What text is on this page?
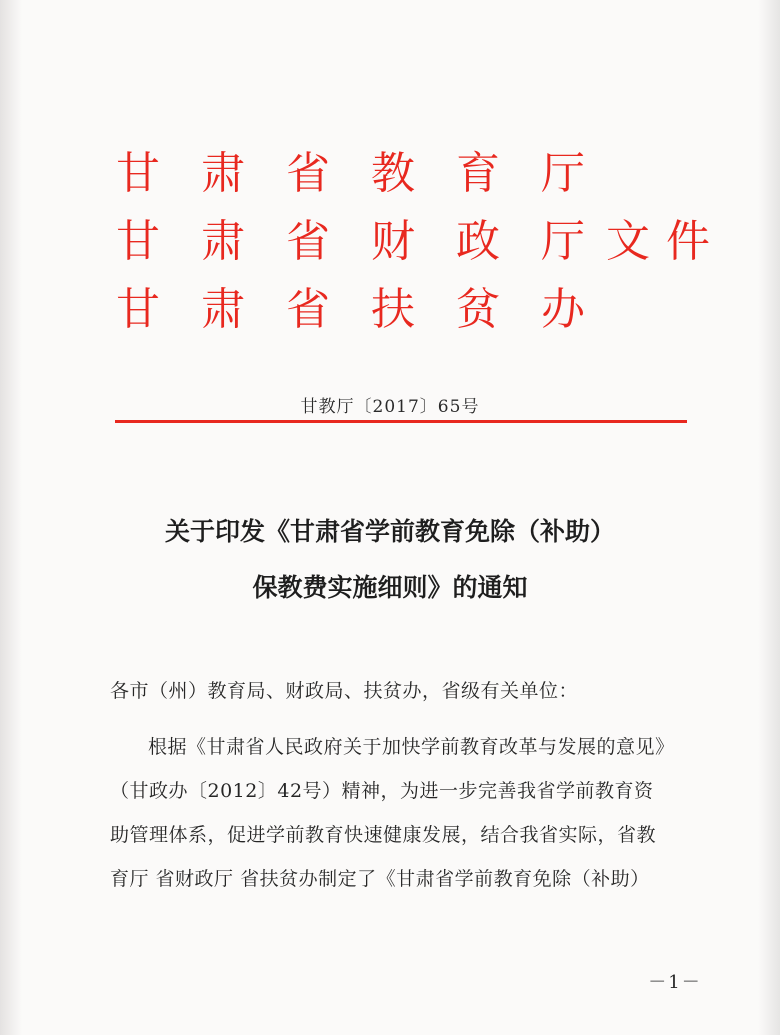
甘 肃 省 教 育 厅
甘 肃 省 财 政 厅 文 件
甘 肃 省 扶 贫 办
甘教厅〔2017〕65号
关于印发《甘肃省学前教育免除（补助）
保教费实施细则》的通知
各市（州）教育局、财政局、扶贫办，省级有关单位：
根据《甘肃省人民政府关于加快学前教育改革与发展的意见》
（甘政办〔2012〕42号）精神，为进一步完善我省学前教育资
助管理体系，促进学前教育快速健康发展，结合我省实际，省教
育厅 省财政厅 省扶贫办制定了《甘肃省学前教育免除（补助）
－1－
